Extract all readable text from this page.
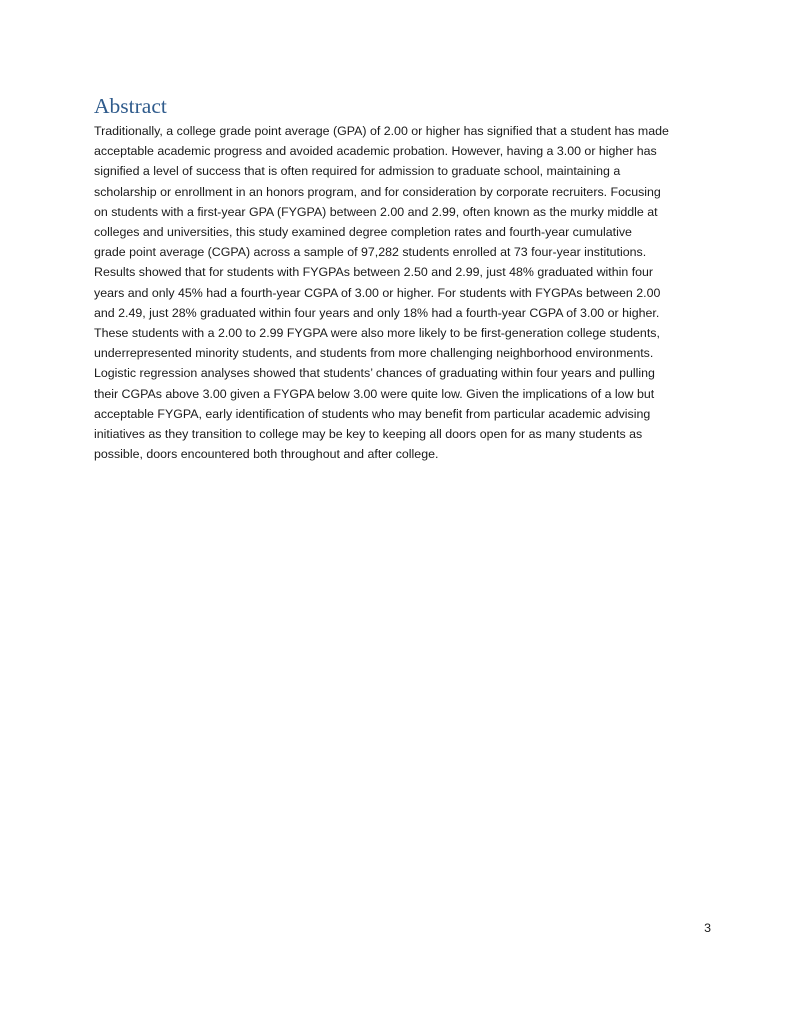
Abstract

Traditionally, a college grade point average (GPA) of 2.00 or higher has signified that a student has made
acceptable academic progress and avoided academic probation. However, having a 3.00 or higher has
signified a level of success that is often required for admission to graduate school, maintaining a
scholarship or enrollment in an honors program, and for consideration by corporate recruiters. Focusing
on students with a first-year GPA (FYGPA) between 2.00 and 2.99, often known as the murky middle at
colleges and universities, this study examined degree completion rates and fourth-year cumulative
grade point average (CGPA) across a sample of 97,282 students enrolled at 73 four-year institutions.
Results showed that for students with FYGPAs between 2.50 and 2.99, just 48% graduated within four
years and only 45% had a fourth-year CGPA of 3.00 or higher. For students with FYGPAs between 2.00
and 2.49, just 28% graduated within four years and only 18% had a fourth-year CGPA of 3.00 or higher.
These students with a 2.00 to 2.99 FYGPA were also more likely to be first-generation college students,
underrepresented minority students, and students from more challenging neighborhood environments.
Logistic regression analyses showed that students’ chances of graduating within four years and pulling
their CGPAs above 3.00 given a FYGPA below 3.00 were quite low. Given the implications of a low but
acceptable FYGPA, early identification of students who may benefit from particular academic advising
initiatives as they transition to college may be key to keeping all doors open for as many students as
possible, doors encountered both throughout and after college.

3
